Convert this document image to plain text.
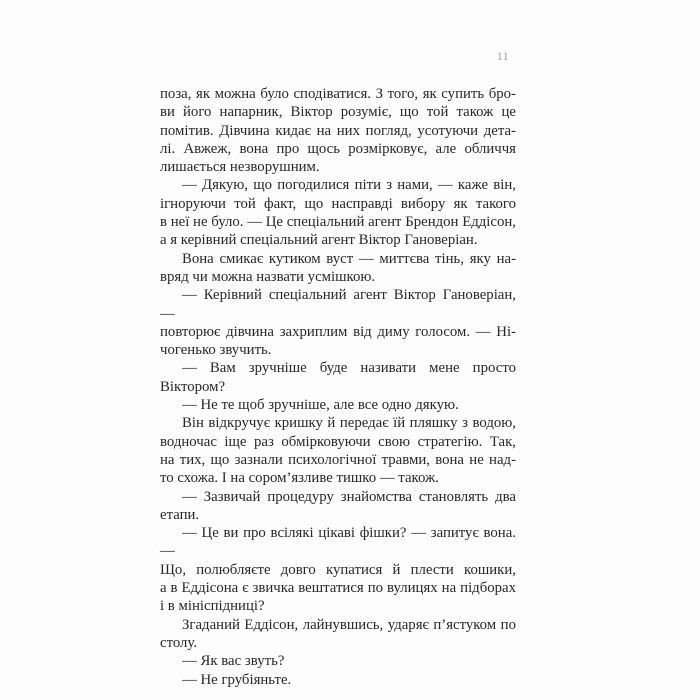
11
поза, як можна було сподіватися. З того, як супить бро-
ви його напарник, Віктор розуміє, що той також це
помітив. Дівчина кидає на них погляд, усотуючи дета-
лі. Авжеж, вона про щось розмірковує, але обличчя
лишається незворушним.
— Дякую, що погодилися піти з нами, — каже він,
ігноруючи той факт, що насправді вибору як такого
в неї не було. — Це спеціальний агент Брендон Еддісон,
а я керівний спеціальний агент Віктор Гановеріан.
Вона смикає кутиком вуст — миттєва тінь, яку на-
вряд чи можна назвати усмішкою.
— Керівний спеціальний агент Віктор Гановеріан, —
повторює дівчина захриплим від диму голосом. — Ні-
чогенько звучить.
— Вам зручніше буде називати мене просто Віктором?
— Не те щоб зручніше, але все одно дякую.
Він відкручує кришку й передає їй пляшку з водою,
водночас іще раз обмірковуючи свою стратегію. Так,
на тих, що зазнали психологічної травми, вона не над-
то схожа. І на сором’язливе тишко — також.
— Зазвичай процедуру знайомства становлять два
етапи.
— Це ви про всілякі цікаві фішки? — запитує вона. —
Що, полюбляєте довго купатися й плести кошики,
а в Еддісона є звичка вештатися по вулицях на підборах
і в мініспідниці?
Згаданий Еддісон, лайнувшись, ударяє п’ястуком по
столу.
— Як вас звуть?
— Не грубіяньте.
